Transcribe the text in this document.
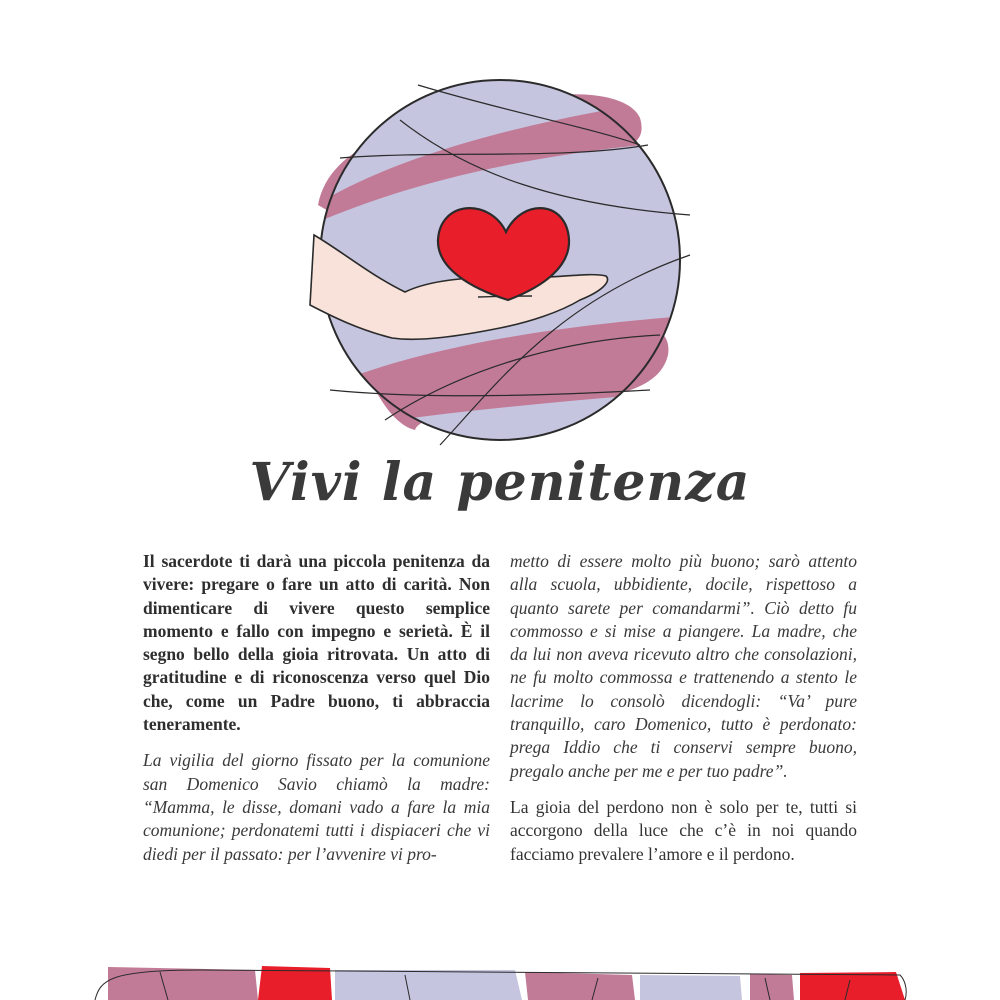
Vivi la penitenza

Il sacerdote ti darà una piccola penitenza da vivere: pregare o fare un atto di carità. Non dimenticare di vivere questo semplice momento e fallo con impegno e serietà. È il segno bello della gioia ritrovata. Un atto di gratitudine e di riconoscenza verso quel Dio che, come un Padre buono, ti abbraccia teneramente.

La vigilia del giorno fissato per la comunione san Domenico Savio chiamò la madre: “Mamma, le disse, domani vado a fare la mia comunione; perdonatemi tutti i dispiaceri che vi diedi per il passato: per l’avvenire vi pro-

metto di essere molto più buono; sarò attento alla scuola, ubbidiente, docile, rispettoso a quanto sarete per comandarmi”. Ciò detto fu commosso e si mise a piangere. La madre, che da lui non aveva ricevuto altro che consolazioni, ne fu molto commossa e trattenendo a stento le lacrime lo consolò dicendogli: “Va’ pure tranquillo, caro Domenico, tutto è perdonato: prega Iddio che ti conservi sempre buono, pregalo anche per me e per tuo padre”.

La gioia del perdono non è solo per te, tutti si accorgono della luce che c’è in noi quando facciamo prevalere l’amore e il perdono.
